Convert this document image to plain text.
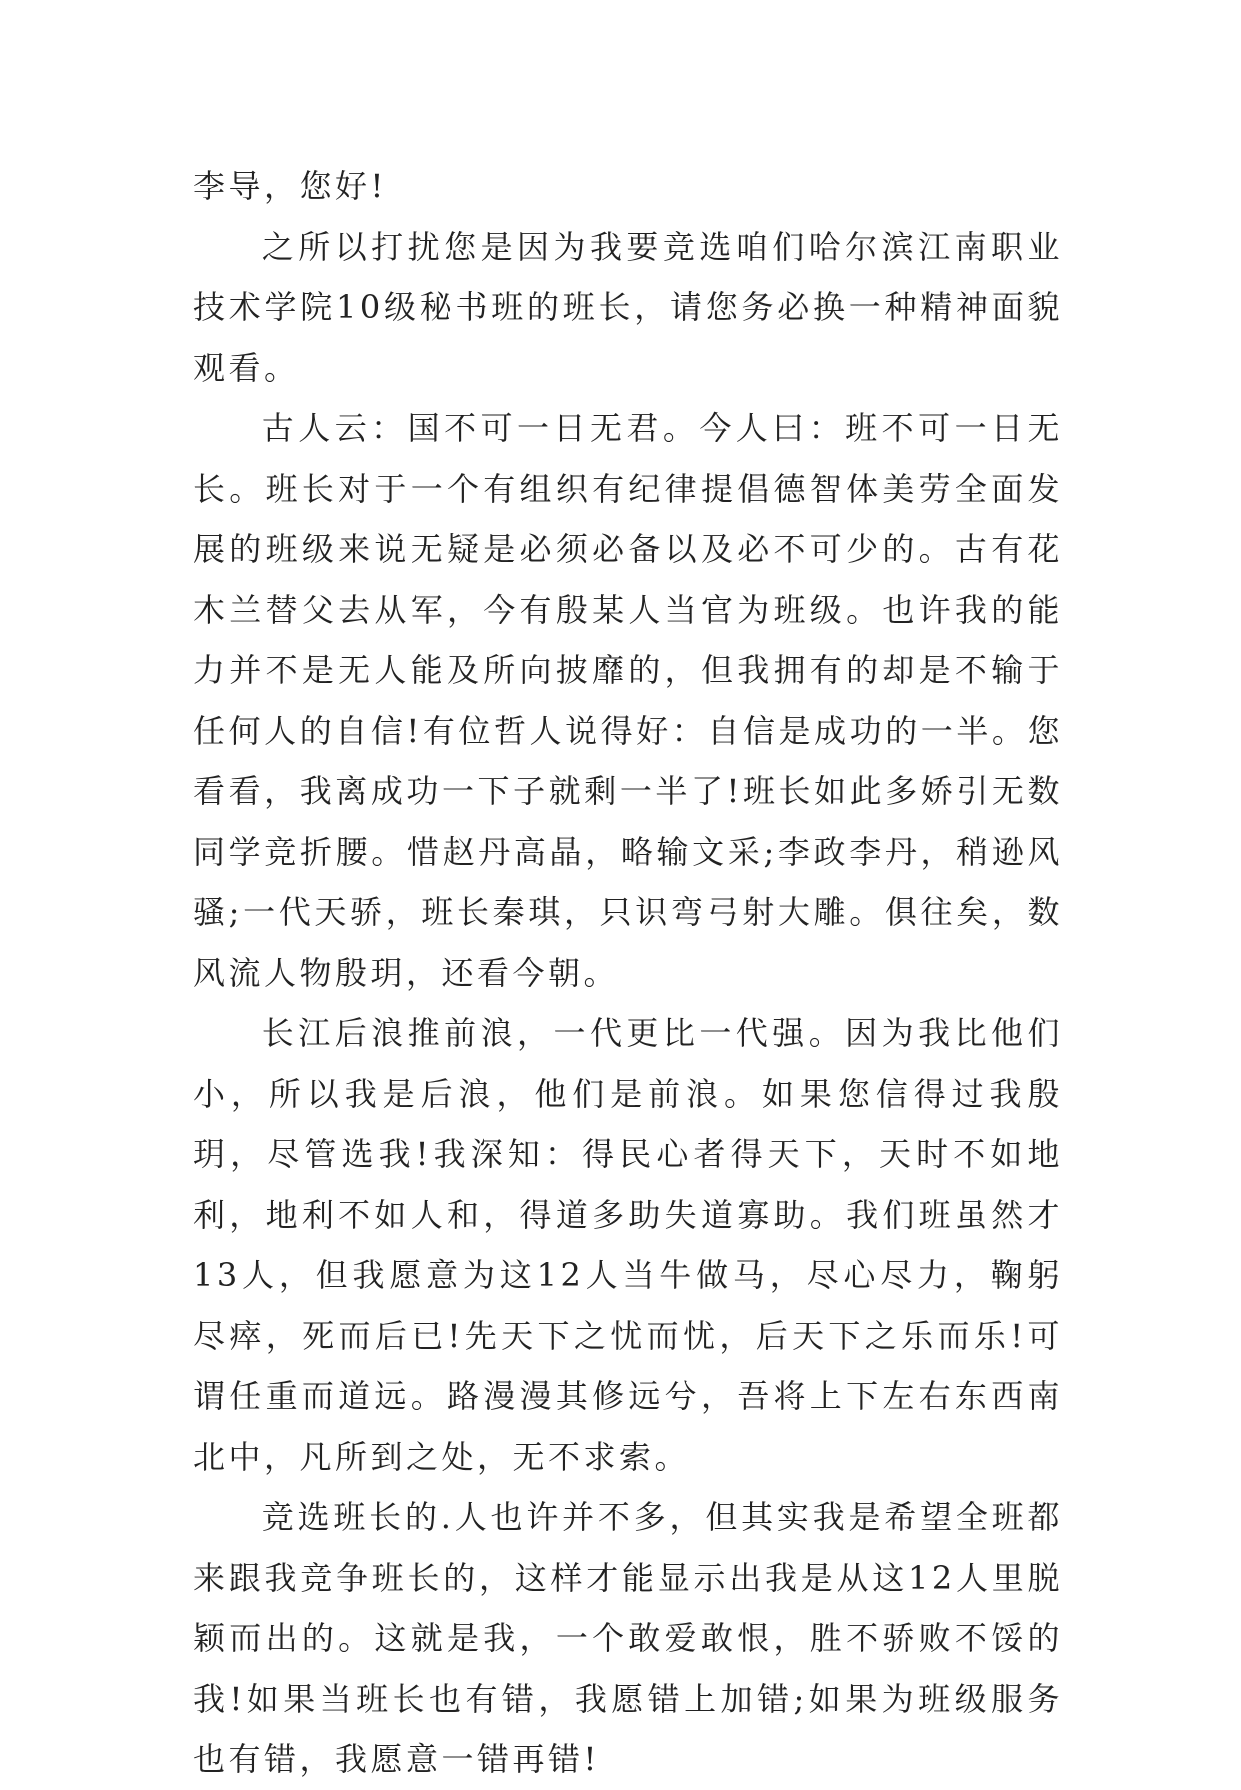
李导，您好!

之所以打扰您是因为我要竞选咱们哈尔滨江南职业技术学院10级秘书班的班长，请您务必换一种精神面貌观看。

古人云：国不可一日无君。今人曰：班不可一日无长。班长对于一个有组织有纪律提倡德智体美劳全面发展的班级来说无疑是必须必备以及必不可少的。古有花木兰替父去从军，今有殷某人当官为班级。也许我的能力并不是无人能及所向披靡的，但我拥有的却是不输于任何人的自信!有位哲人说得好：自信是成功的一半。您看看，我离成功一下子就剩一半了!班长如此多娇引无数同学竞折腰。惜赵丹高晶，略输文采;李政李丹，稍逊风骚;一代天骄，班长秦琪，只识弯弓射大雕。俱往矣，数风流人物殷玥，还看今朝。

长江后浪推前浪，一代更比一代强。因为我比他们小，所以我是后浪，他们是前浪。如果您信得过我殷玥，尽管选我!我深知：得民心者得天下，天时不如地利，地利不如人和，得道多助失道寡助。我们班虽然才13人，但我愿意为这12人当牛做马，尽心尽力，鞠躬尽瘁，死而后已!先天下之忧而忧，后天下之乐而乐!可谓任重而道远。路漫漫其修远兮，吾将上下左右东西南北中，凡所到之处，无不求索。

竞选班长的.人也许并不多，但其实我是希望全班都来跟我竞争班长的，这样才能显示出我是从这12人里脱颖而出的。这就是我，一个敢爱敢恨，胜不骄败不馁的我!如果当班长也有错，我愿错上加错;如果为班级服务也有错，我愿意一错再错!
